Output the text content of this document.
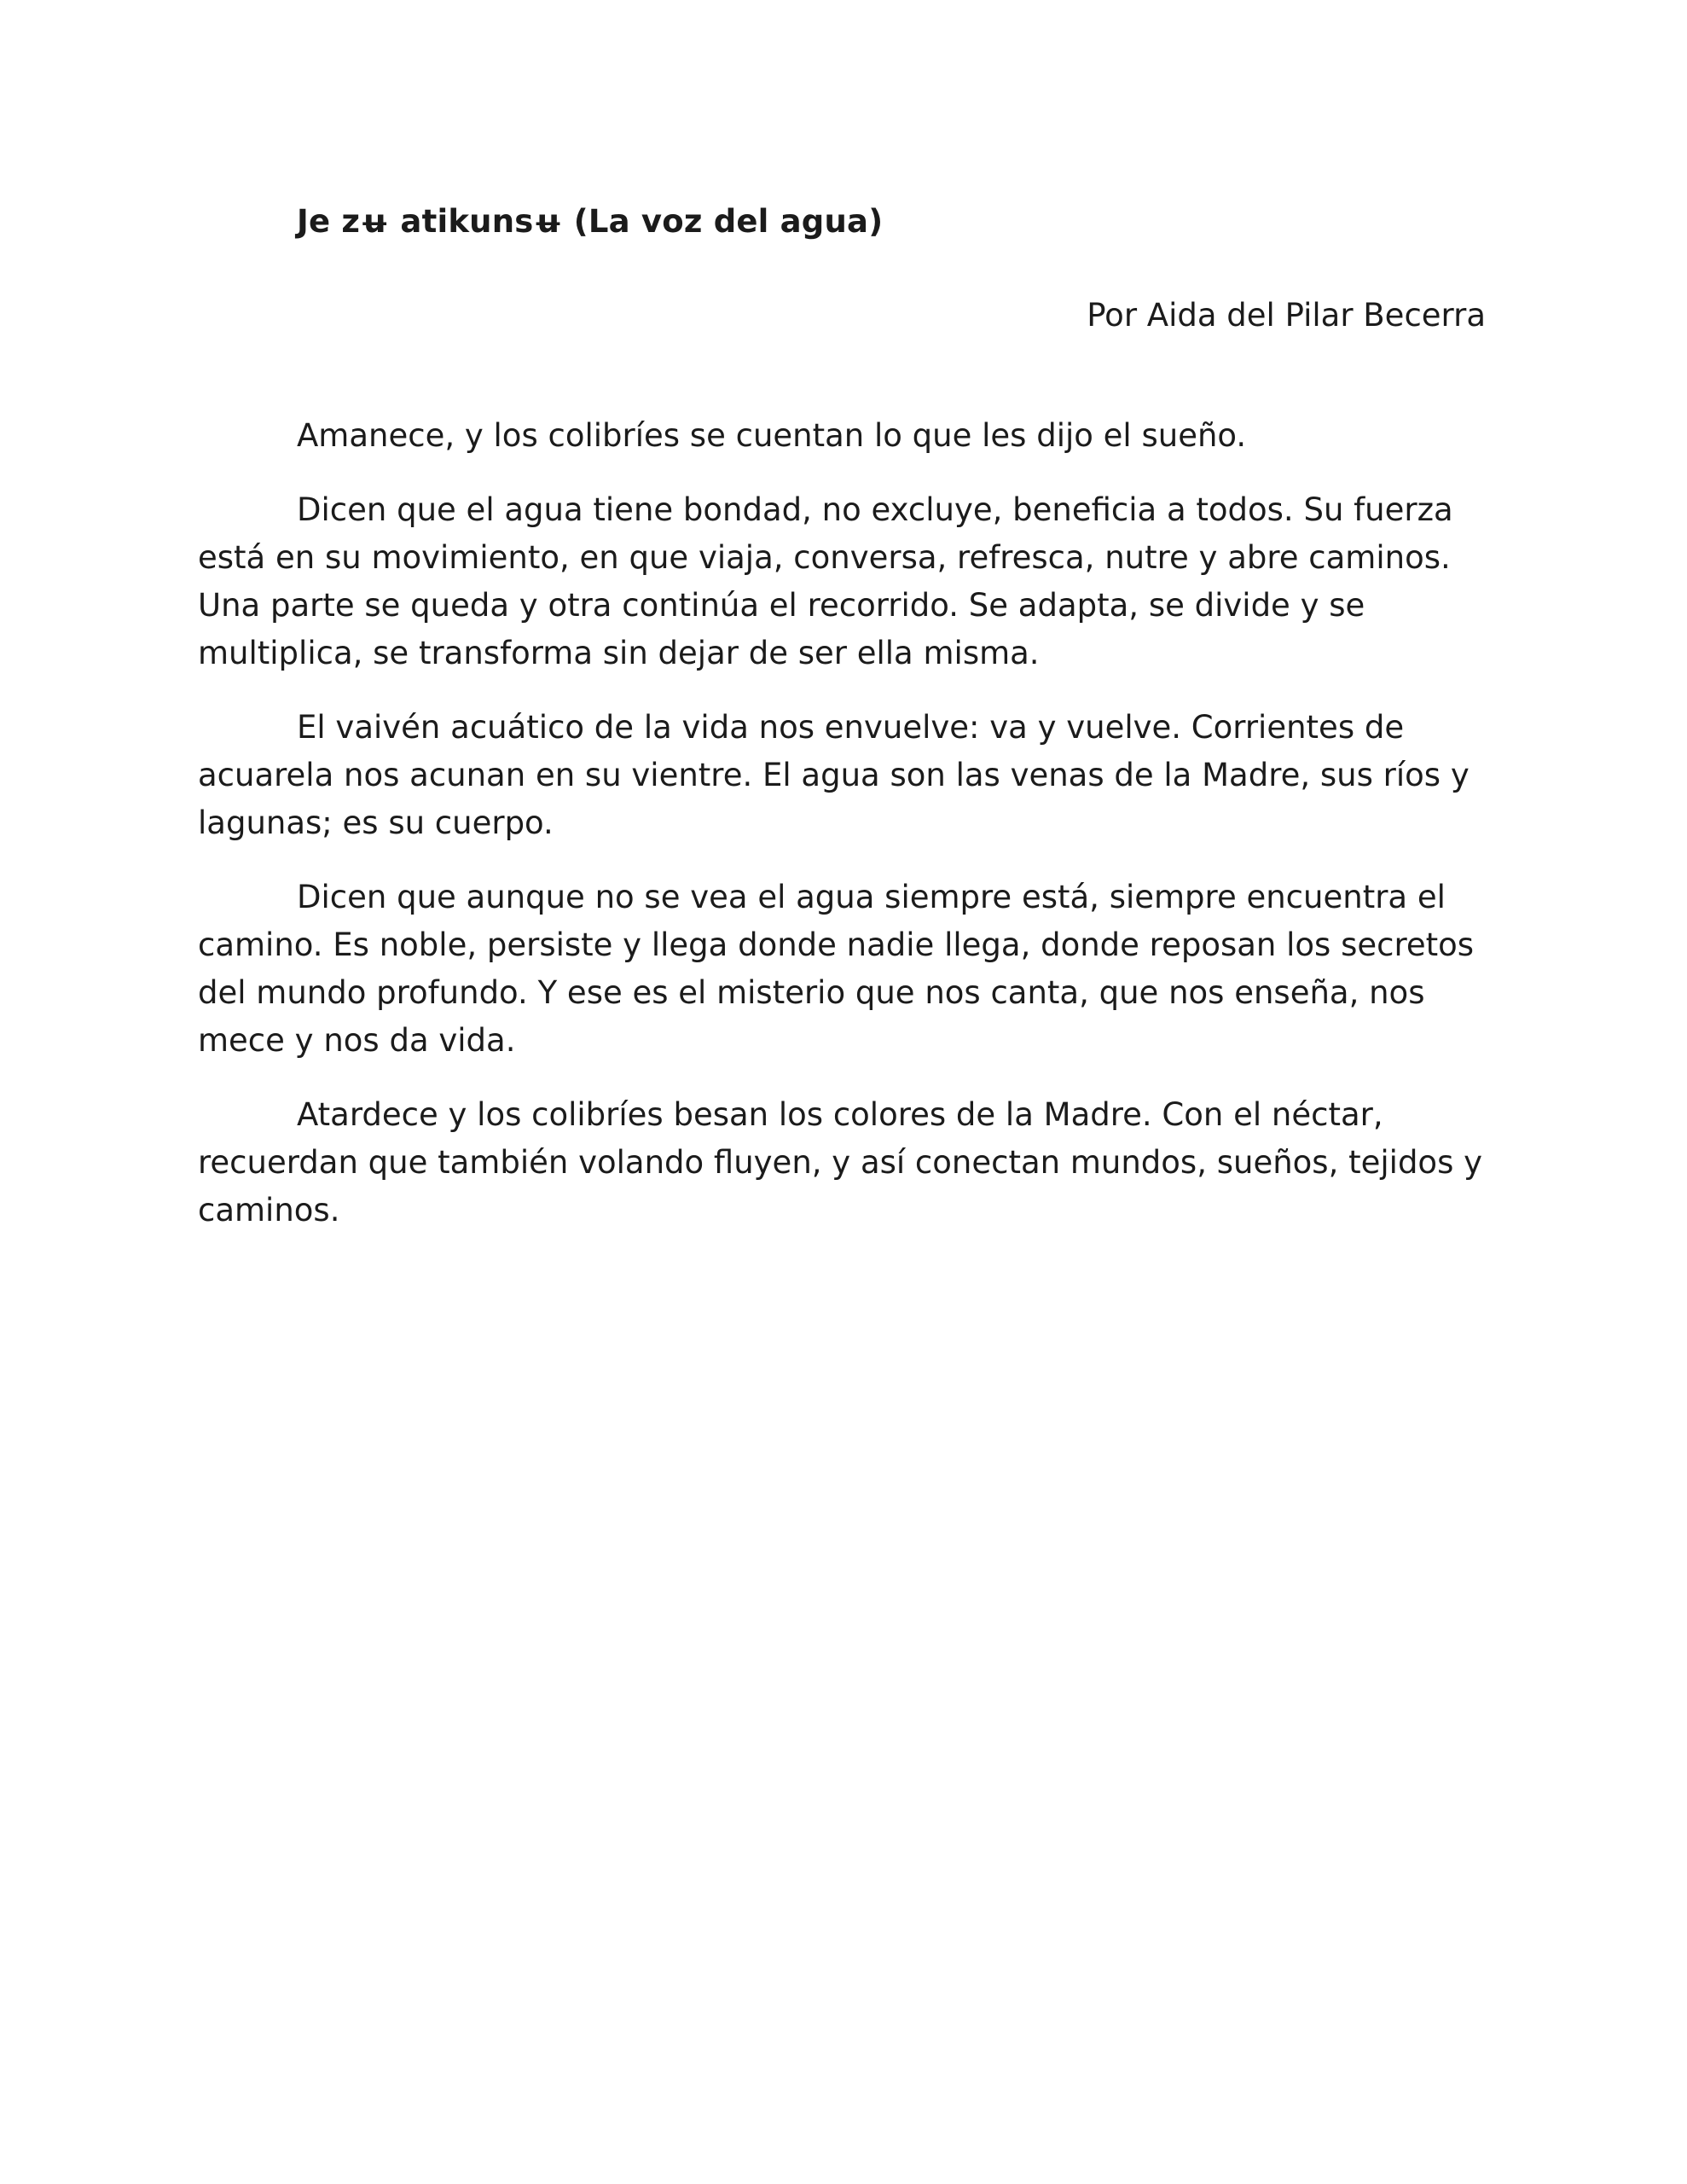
Je zʉ atikunsʉ (La voz del agua)

Por Aida del Pilar Becerra

Amanece, y los colibríes se cuentan lo que les dijo el sueño.

Dicen que el agua tiene bondad, no excluye, beneficia a todos. Su fuerza está en su movimiento, en que viaja, conversa, refresca, nutre y abre caminos. Una parte se queda y otra continúa el recorrido. Se adapta, se divide y se multiplica, se transforma sin dejar de ser ella misma.

El vaivén acuático de la vida nos envuelve: va y vuelve. Corrientes de acuarela nos acunan en su vientre. El agua son las venas de la Madre, sus ríos y lagunas; es su cuerpo.

Dicen que aunque no se vea el agua siempre está, siempre encuentra el camino. Es noble, persiste y llega donde nadie llega, donde reposan los secretos del mundo profundo. Y ese es el misterio que nos canta, que nos enseña, nos mece y nos da vida.

Atardece y los colibríes besan los colores de la Madre. Con el néctar, recuerdan que también volando fluyen, y así conectan mundos, sueños, tejidos y caminos.
